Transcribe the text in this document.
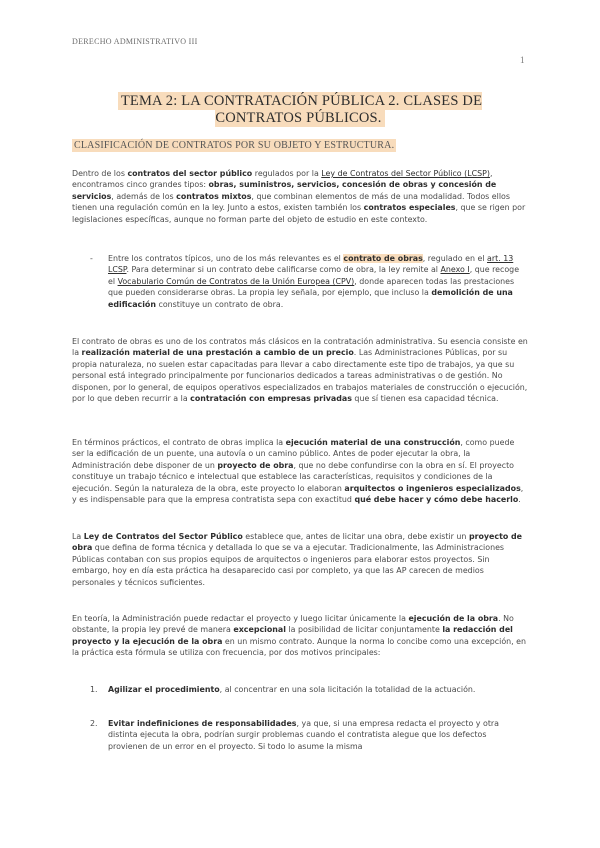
DERECHO ADMINISTRATIVO III
1
TEMA 2: LA CONTRATACIÓN PÚBLICA 2. CLASES DE CONTRATOS PÚBLICOS.
CLASIFICACIÓN DE CONTRATOS POR SU OBJETO Y ESTRUCTURA.
Dentro de los contratos del sector público regulados por la Ley de Contratos del Sector Público (LCSP), encontramos cinco grandes tipos: obras, suministros, servicios, concesión de obras y concesión de servicios, además de los contratos mixtos, que combinan elementos de más de una modalidad. Todos ellos tienen una regulación común en la ley. Junto a estos, existen también los contratos especiales, que se rigen por legislaciones específicas, aunque no forman parte del objeto de estudio en este contexto.
- Entre los contratos típicos, uno de los más relevantes es el contrato de obras, regulado en el art. 13 LCSP. Para determinar si un contrato debe calificarse como de obra, la ley remite al Anexo I, que recoge el Vocabulario Común de Contratos de la Unión Europea (CPV), donde aparecen todas las prestaciones que pueden considerarse obras. La propia ley señala, por ejemplo, que incluso la demolición de una edificación constituye un contrato de obra.
El contrato de obras es uno de los contratos más clásicos en la contratación administrativa. Su esencia consiste en la realización material de una prestación a cambio de un precio. Las Administraciones Públicas, por su propia naturaleza, no suelen estar capacitadas para llevar a cabo directamente este tipo de trabajos, ya que su personal está integrado principalmente por funcionarios dedicados a tareas administrativas o de gestión. No disponen, por lo general, de equipos operativos especializados en trabajos materiales de construcción o ejecución, por lo que deben recurrir a la contratación con empresas privadas que sí tienen esa capacidad técnica.
En términos prácticos, el contrato de obras implica la ejecución material de una construcción, como puede ser la edificación de un puente, una autovía o un camino público. Antes de poder ejecutar la obra, la Administración debe disponer de un proyecto de obra, que no debe confundirse con la obra en sí. El proyecto constituye un trabajo técnico e intelectual que establece las características, requisitos y condiciones de la ejecución. Según la naturaleza de la obra, este proyecto lo elaboran arquitectos o ingenieros especializados, y es indispensable para que la empresa contratista sepa con exactitud qué debe hacer y cómo debe hacerlo.
La Ley de Contratos del Sector Público establece que, antes de licitar una obra, debe existir un proyecto de obra que defina de forma técnica y detallada lo que se va a ejecutar. Tradicionalmente, las Administraciones Públicas contaban con sus propios equipos de arquitectos o ingenieros para elaborar estos proyectos. Sin embargo, hoy en día esta práctica ha desaparecido casi por completo, ya que las AP carecen de medios personales y técnicos suficientes.
En teoría, la Administración puede redactar el proyecto y luego licitar únicamente la ejecución de la obra. No obstante, la propia ley prevé de manera excepcional la posibilidad de licitar conjuntamente la redacción del proyecto y la ejecución de la obra en un mismo contrato. Aunque la norma lo concibe como una excepción, en la práctica esta fórmula se utiliza con frecuencia, por dos motivos principales:
1. Agilizar el procedimiento, al concentrar en una sola licitación la totalidad de la actuación.
2. Evitar indefiniciones de responsabilidades, ya que, si una empresa redacta el proyecto y otra distinta ejecuta la obra, podrían surgir problemas cuando el contratista alegue que los defectos provienen de un error en el proyecto. Si todo lo asume la misma
